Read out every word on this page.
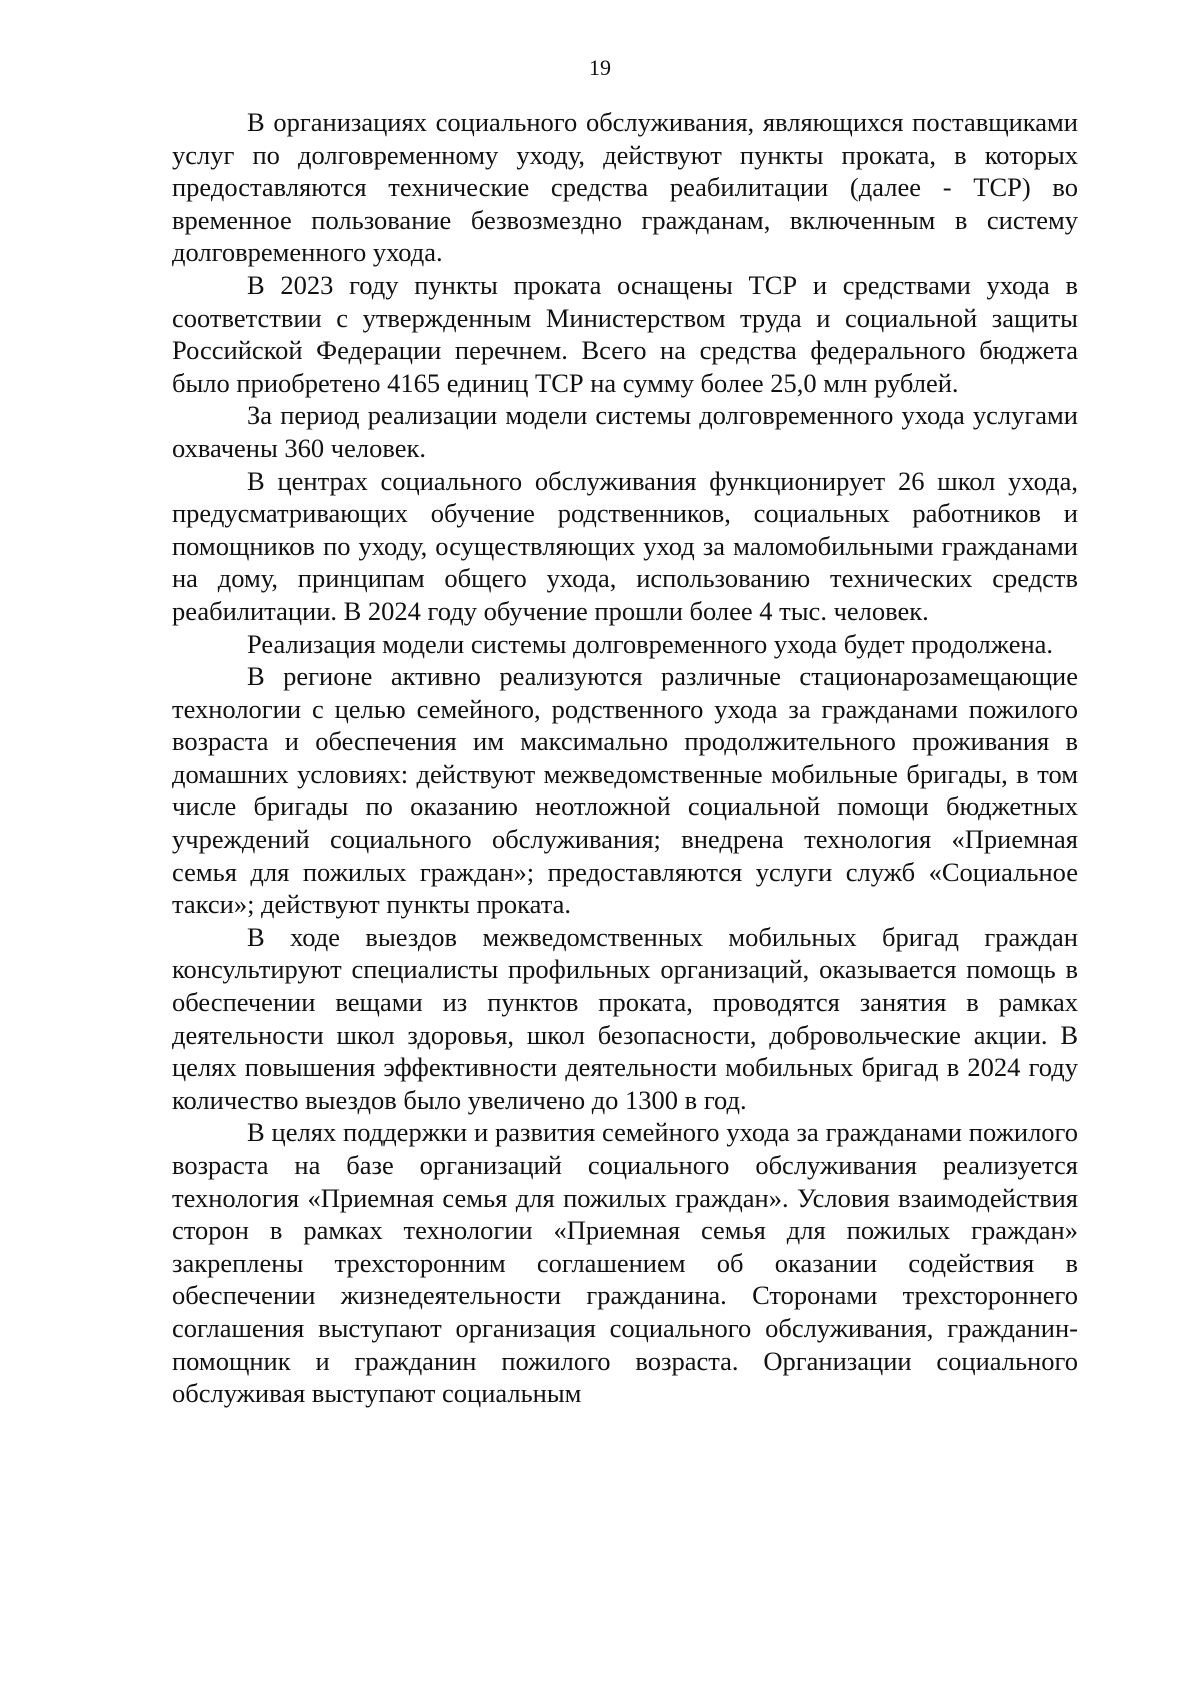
19

В организациях социального обслуживания, являющихся поставщиками услуг по долговременному уходу, действуют пункты проката, в которых предоставляются технические средства реабилитации (далее - ТСР) во временное пользование безвозмездно гражданам, включенным в систему долговременного ухода.

В 2023 году пункты проката оснащены ТСР и средствами ухода в соответствии с утвержденным Министерством труда и социальной защиты Российской Федерации перечнем. Всего на средства федерального бюджета было приобретено 4165 единиц ТСР на сумму более 25,0 млн рублей.

За период реализации модели системы долговременного ухода услугами охвачены 360 человек.

В центрах социального обслуживания функционирует 26 школ ухода, предусматривающих обучение родственников, социальных работников и помощников по уходу, осуществляющих уход за маломобильными гражданами на дому, принципам общего ухода, использованию технических средств реабилитации. В 2024 году обучение прошли более 4 тыс. человек.

Реализация модели системы долговременного ухода будет продолжена.

В регионе активно реализуются различные стационарозамещающие технологии с целью семейного, родственного ухода за гражданами пожилого возраста и обеспечения им максимально продолжительного проживания в домашних условиях: действуют межведомственные мобильные бригады, в том числе бригады по оказанию неотложной социальной помощи бюджетных учреждений социального обслуживания; внедрена технология «Приемная семья для пожилых граждан»; предоставляются услуги служб «Социальное такси»; действуют пункты проката.

В ходе выездов межведомственных мобильных бригад граждан консультируют специалисты профильных организаций, оказывается помощь в обеспечении вещами из пунктов проката, проводятся занятия в рамках деятельности школ здоровья, школ безопасности, добровольческие акции. В целях повышения эффективности деятельности мобильных бригад в 2024 году количество выездов было увеличено до 1300 в год.

В целях поддержки и развития семейного ухода за гражданами пожилого возраста на базе организаций социального обслуживания реализуется технология «Приемная семья для пожилых граждан». Условия взаимодействия сторон в рамках технологии «Приемная семья для пожилых граждан» закреплены трехсторонним соглашением об оказании содействия в обеспечении жизнедеятельности гражданина. Сторонами трехстороннего соглашения выступают организация социального обслуживания, гражданин-помощник и гражданин пожилого возраста. Организации социального обслуживая выступают социальным
